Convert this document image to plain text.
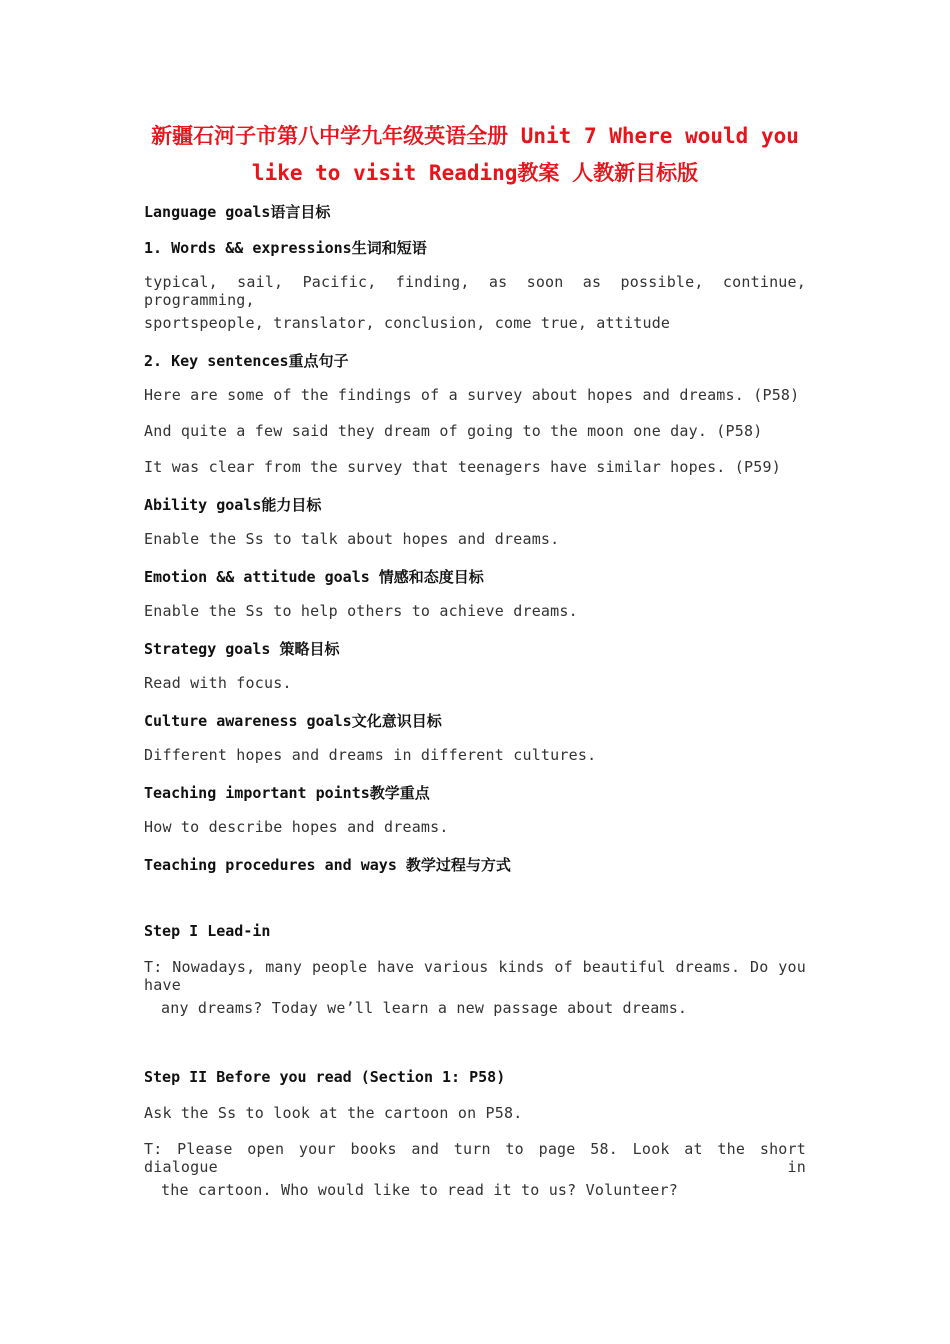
新疆石河子市第八中学九年级英语全册 Unit 7 Where would you
like to visit Reading教案 人教新目标版
Language goals语言目标
1. Words && expressions生词和短语
typical, sail, Pacific, finding, as soon as possible, continue, programming,
sportspeople, translator, conclusion, come true, attitude
2. Key sentences重点句子
Here are some of the findings of a survey about hopes and dreams. (P58)
And quite a few said they dream of going to the moon one day. (P58)
It was clear from the survey that teenagers have similar hopes. (P59)
Ability goals能力目标
Enable the Ss to talk about hopes and dreams.
Emotion && attitude goals 情感和态度目标
Enable the Ss to help others to achieve dreams.
Strategy goals 策略目标
Read with focus.
Culture awareness goals文化意识目标
Different hopes and dreams in different cultures.
Teaching important points教学重点
How to describe hopes and dreams.
Teaching procedures and ways 教学过程与方式
Step I Lead-in
T: Nowadays, many people have various kinds of beautiful dreams. Do you have
any dreams? Today we’ll learn a new passage about dreams.
Step II Before you read (Section 1: P58)
Ask the Ss to look at the cartoon on P58.
T: Please open your books and turn to page 58. Look at the short dialogue in
the cartoon. Who would like to read it to us? Volunteer?
